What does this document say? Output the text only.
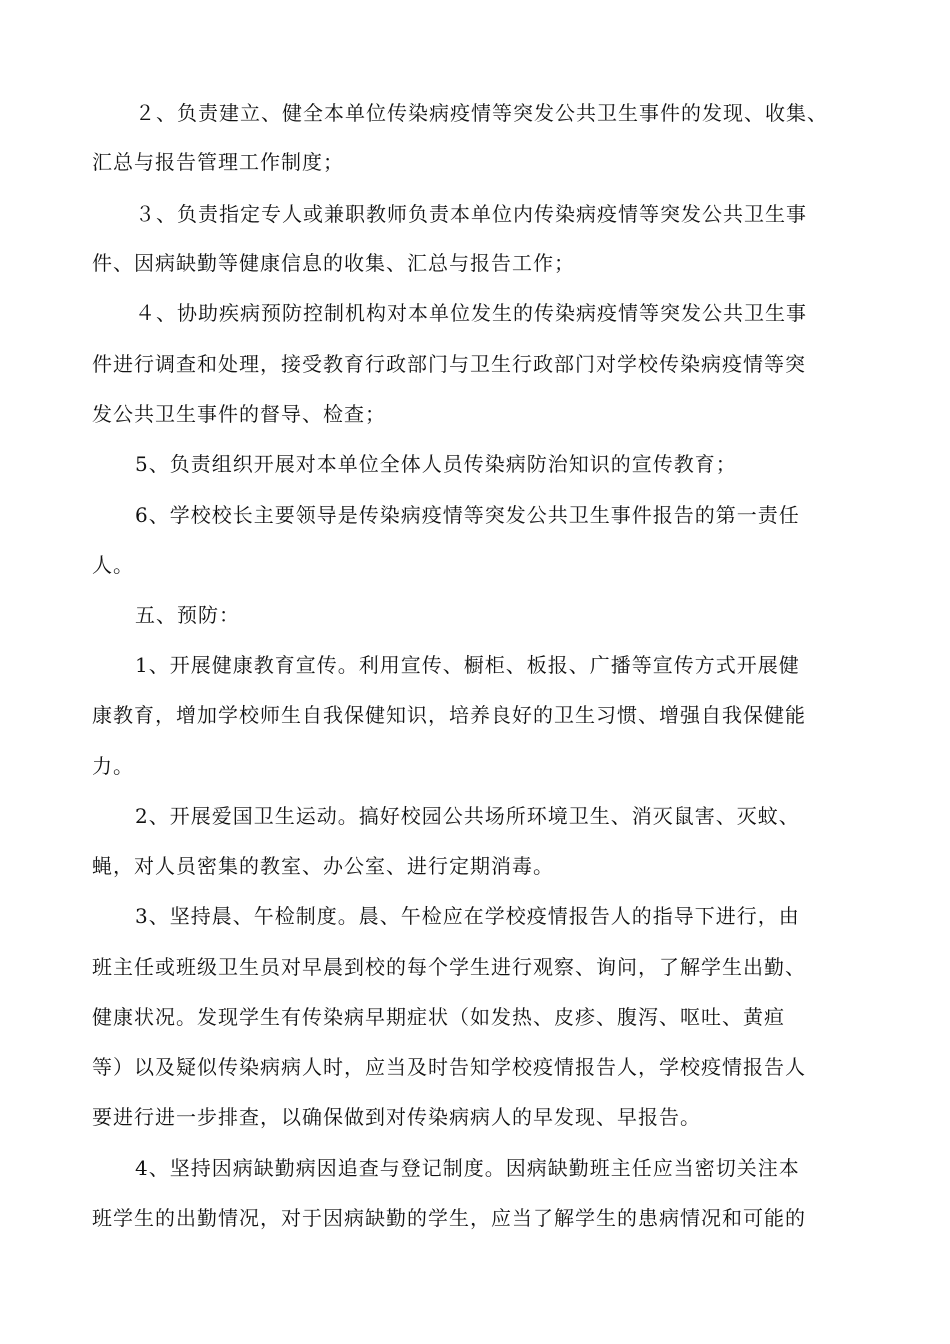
２、负责建立、健全本单位传染病疫情等突发公共卫生事件的发现、收集、
汇总与报告管理工作制度；
３、负责指定专人或兼职教师负责本单位内传染病疫情等突发公共卫生事
件、因病缺勤等健康信息的收集、汇总与报告工作；
４、协助疾病预防控制机构对本单位发生的传染病疫情等突发公共卫生事
件进行调查和处理，接受教育行政部门与卫生行政部门对学校传染病疫情等突
发公共卫生事件的督导、检查；
5、负责组织开展对本单位全体人员传染病防治知识的宣传教育；
6、学校校长主要领导是传染病疫情等突发公共卫生事件报告的第一责任
人。
五、预防：
1、开展健康教育宣传。利用宣传、橱柜、板报、广播等宣传方式开展健
康教育，增加学校师生自我保健知识，培养良好的卫生习惯、增强自我保健能
力。
2、开展爱国卫生运动。搞好校园公共场所环境卫生、消灭鼠害、灭蚊、
蝇，对人员密集的教室、办公室、进行定期消毒。
3、坚持晨、午检制度。晨、午检应在学校疫情报告人的指导下进行，由
班主任或班级卫生员对早晨到校的每个学生进行观察、询问，了解学生出勤、
健康状况。发现学生有传染病早期症状（如发热、皮疹、腹泻、呕吐、黄疸
等）以及疑似传染病病人时，应当及时告知学校疫情报告人，学校疫情报告人
要进行进一步排查，以确保做到对传染病病人的早发现、早报告。
4、坚持因病缺勤病因追查与登记制度。因病缺勤班主任应当密切关注本
班学生的出勤情况，对于因病缺勤的学生，应当了解学生的患病情况和可能的
